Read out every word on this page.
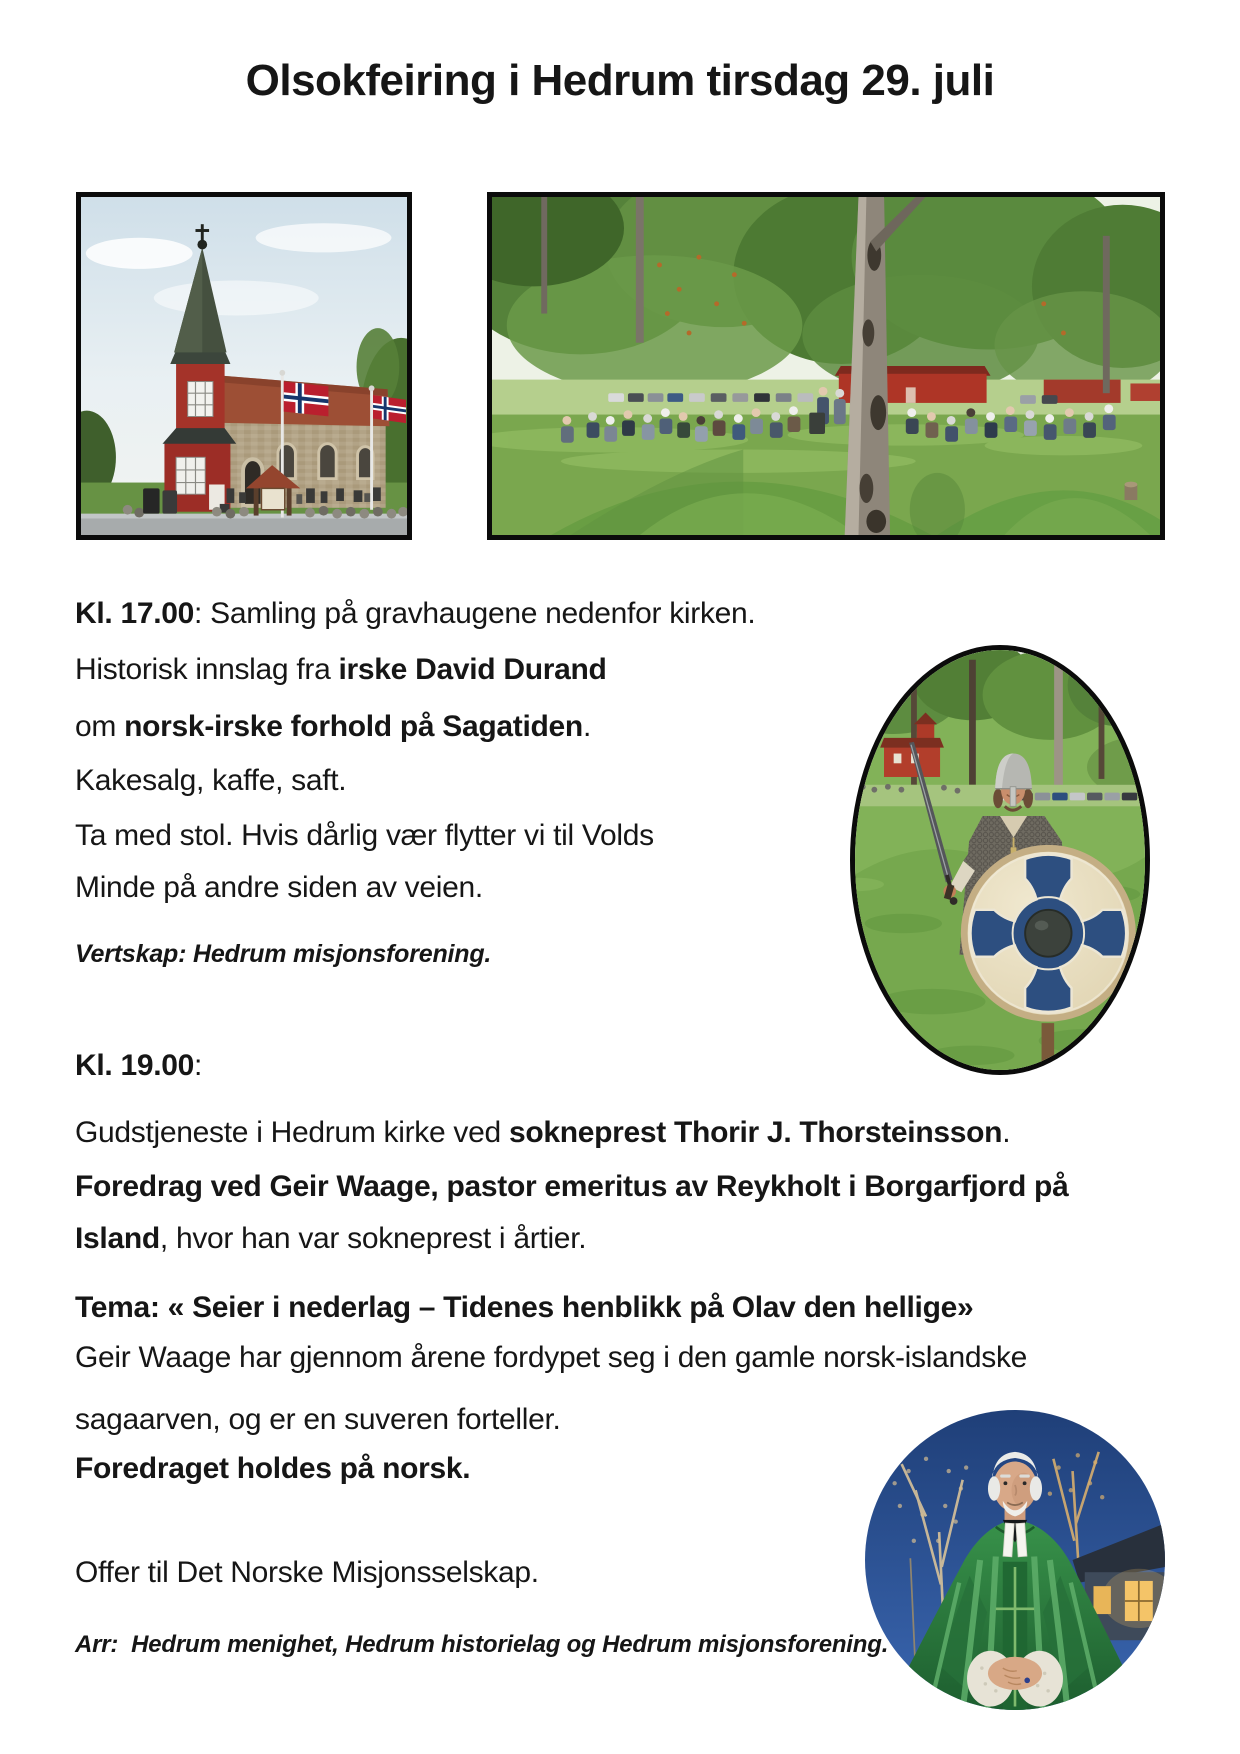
Olsokfeiring i Hedrum tirsdag 29. juli
Kl. 17.00: Samling på gravhaugene nedenfor kirken.
Historisk innslag fra irske David Durand
om norsk-irske forhold på Sagatiden.
Kakesalg, kaffe, saft.
Ta med stol. Hvis dårlig vær flytter vi til Volds
Minde på andre siden av veien.
Vertskap: Hedrum misjonsforening.
Kl. 19.00:
Gudstjeneste i Hedrum kirke ved sokneprest Thorir J. Thorsteinsson.
Foredrag ved Geir Waage, pastor emeritus av Reykholt i Borgarfjord på
Island, hvor han var sokneprest i årtier.
Tema: « Seier i nederlag – Tidenes henblikk på Olav den hellige»
Geir Waage har gjennom årene fordypet seg i den gamle norsk-islandske
sagaarven, og er en suveren forteller.
Foredraget holdes på norsk.
Offer til Det Norske Misjonsselskap.
Arr:  Hedrum menighet, Hedrum historielag og Hedrum misjonsforening.
